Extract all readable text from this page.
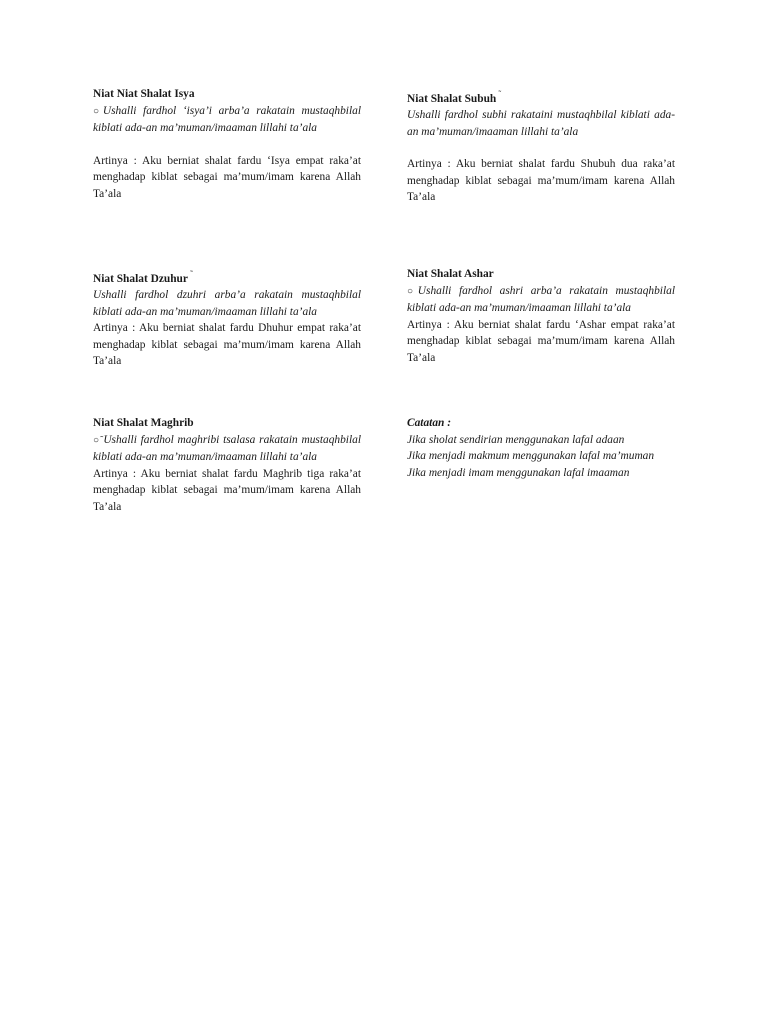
Niat Niat Shalat Isya

○Ushalli fardhol ‘isya’i arba’a rakatain mustaqhbilal kiblati ada-an ma’muman/imaaman lillahi ta’ala

Artinya : Aku berniat shalat fardu ‘Isya empat raka’at menghadap kiblat sebagai ma’mum/imam karena Allah Ta’ala

Niat Shalat Subuh ˜

Ushalli fardhol subhi rakataini mustaqhbilal kiblati ada-an ma’muman/imaaman lillahi ta’ala

Artinya : Aku berniat shalat fardu Shubuh dua raka’at menghadap kiblat sebagai ma’mum/imam karena Allah Ta’ala

Niat Shalat Dzuhur ˜

Ushalli fardhol dzuhri arba’a rakatain mustaqhbilal kiblati ada-an ma’muman/imaaman lillahi ta’ala

Artinya : Aku berniat shalat fardu Dhuhur empat raka’at menghadap kiblat sebagai ma’mum/imam karena Allah Ta’ala

Niat Shalat Ashar

○Ushalli fardhol ashri arba’a rakatain mustaqhbilal kiblati ada-an ma’muman/imaaman lillahi ta’ala

Artinya : Aku berniat shalat fardu ‘Ashar empat raka’at menghadap kiblat sebagai ma’mum/imam karena Allah Ta’ala

Niat Shalat Maghrib

○˜Ushalli fardhol maghribi tsalasa rakatain mustaqhbilal kiblati ada-an ma’muman/imaaman lillahi ta’ala

Artinya : Aku berniat shalat fardu Maghrib tiga raka’at menghadap kiblat sebagai ma’mum/imam karena Allah Ta’ala

Catatan :

Jika sholat sendirian menggunakan lafal adaan

Jika menjadi makmum menggunakan lafal ma’muman

Jika menjadi imam menggunakan lafal imaaman
